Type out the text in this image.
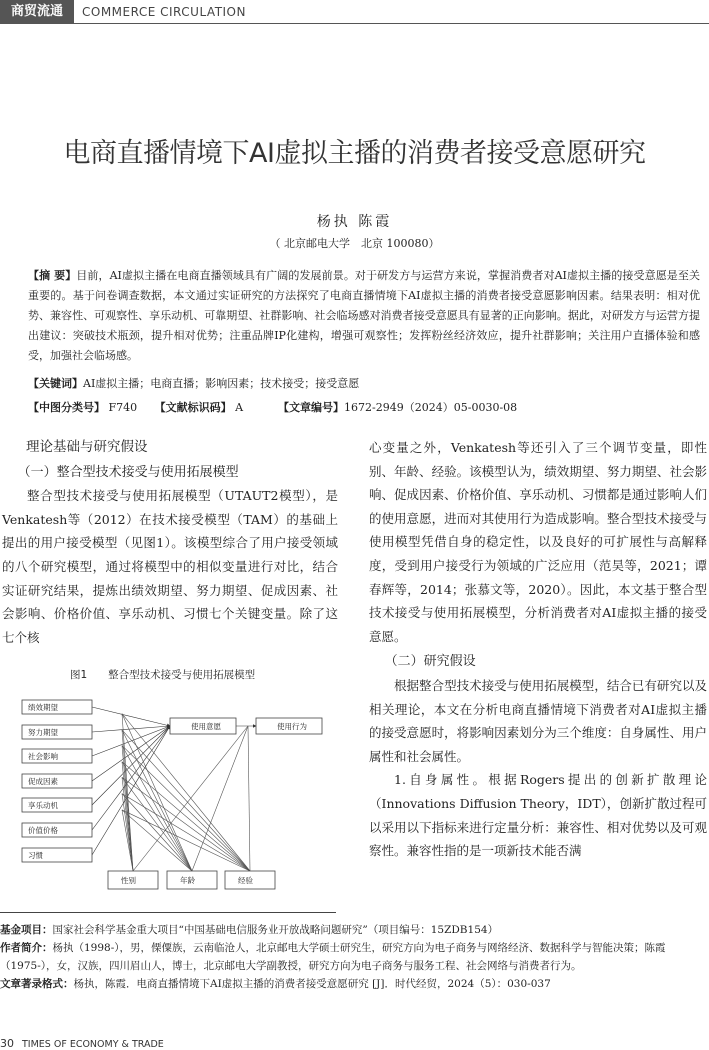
商贸流通	COMMERCE CIRCULATION
电商直播情境下AI虚拟主播的消费者接受意愿研究
杨执 陈霞
（ 北京邮电大学　北京 100080）
【摘 要】目前，AI虚拟主播在电商直播领域具有广阔的发展前景。对于研发方与运营方来说，掌握消费者对AI虚拟主播的接受意愿是至关重要的。基于问卷调查数据，本文通过实证研究的方法探究了电商直播情境下AI虚拟主播的消费者接受意愿影响因素。结果表明：相对优势、兼容性、可观察性、享乐动机、可靠期望、社群影响、社会临场感对消费者接受意愿具有显著的正向影响。据此，对研发方与运营方提出建议：突破技术瓶颈，提升相对优势；注重品牌IP化建构，增强可观察性；发挥粉丝经济效应，提升社群影响；关注用户直播体验和感受，加强社会临场感。
【关键词】AI虚拟主播；电商直播；影响因素；技术接受；接受意愿
【中图分类号】 F740 【文献标识码】 A	【文章编号】1672-2949（2024）05-0030-08

理论基础与研究假设

（一）整合型技术接受与使用拓展模型

整合型技术接受与使用拓展模型（UTAUT2模型），是Venkatesh等（2012）在技术接受模型（TAM）的基础上提出的用户接受模型（见图1）。该模型综合了用户接受领域的八个研究模型，通过将模型中的相似变量进行对比，结合实证研究结果，提炼出绩效期望、努力期望、促成因素、社会影响、价格价值、享乐动机、习惯七个关键变量。除了这七个核

图1　　整合型技术接受与使用拓展模型
绩效期望
努力期望
社会影响
促成因素
享乐动机
价值价格
习惯
使用意愿	使用行为
性别	年龄	经验

心变量之外，Venkatesh等还引入了三个调节变量，即性别、年龄、经验。该模型认为，绩效期望、努力期望、社会影响、促成因素、价格价值、享乐动机、习惯都是通过影响人们的使用意愿，进而对其使用行为造成影响。整合型技术接受与使用模型凭借自身的稳定性，以及良好的可扩展性与高解释度，受到用户接受行为领域的广泛应用（范昊等，2021；谭春辉等，2014；张慕文等，2020）。因此，本文基于整合型技术接受与使用拓展模型，分析消费者对AI虚拟主播的接受意愿。

（二）研究假设

根据整合型技术接受与使用拓展模型，结合已有研究以及相关理论，本文在分析电商直播情境下消费者对AI虚拟主播的接受意愿时，将影响因素划分为三个维度：自身属性、用户属性和社会属性。

1.自身属性。根据Rogers提出的创新扩散理论（Innovations Diffusion Theory，IDT），创新扩散过程可以采用以下指标来进行定量分析：兼容性、相对优势以及可观察性。兼容性指的是一项新技术能否满

基金项目：国家社会科学基金重大项目“中国基础电信服务业开放战略问题研究”（项目编号：15ZDB154）
作者简介：杨执（1998-），男，傈僳族，云南临沧人，北京邮电大学硕士研究生，研究方向为电子商务与网络经济、数据科学与智能决策；陈霞（1975-），女，汉族，四川眉山人，博士，北京邮电大学副教授，研究方向为电子商务与服务工程、社会网络与消费者行为。
文章著录格式：杨执，陈霞．电商直播情境下AI虚拟主播的消费者接受意愿研究 [J]．时代经贸，2024（5）：030-037
30 TIMES OF ECONOMY & TRADE
